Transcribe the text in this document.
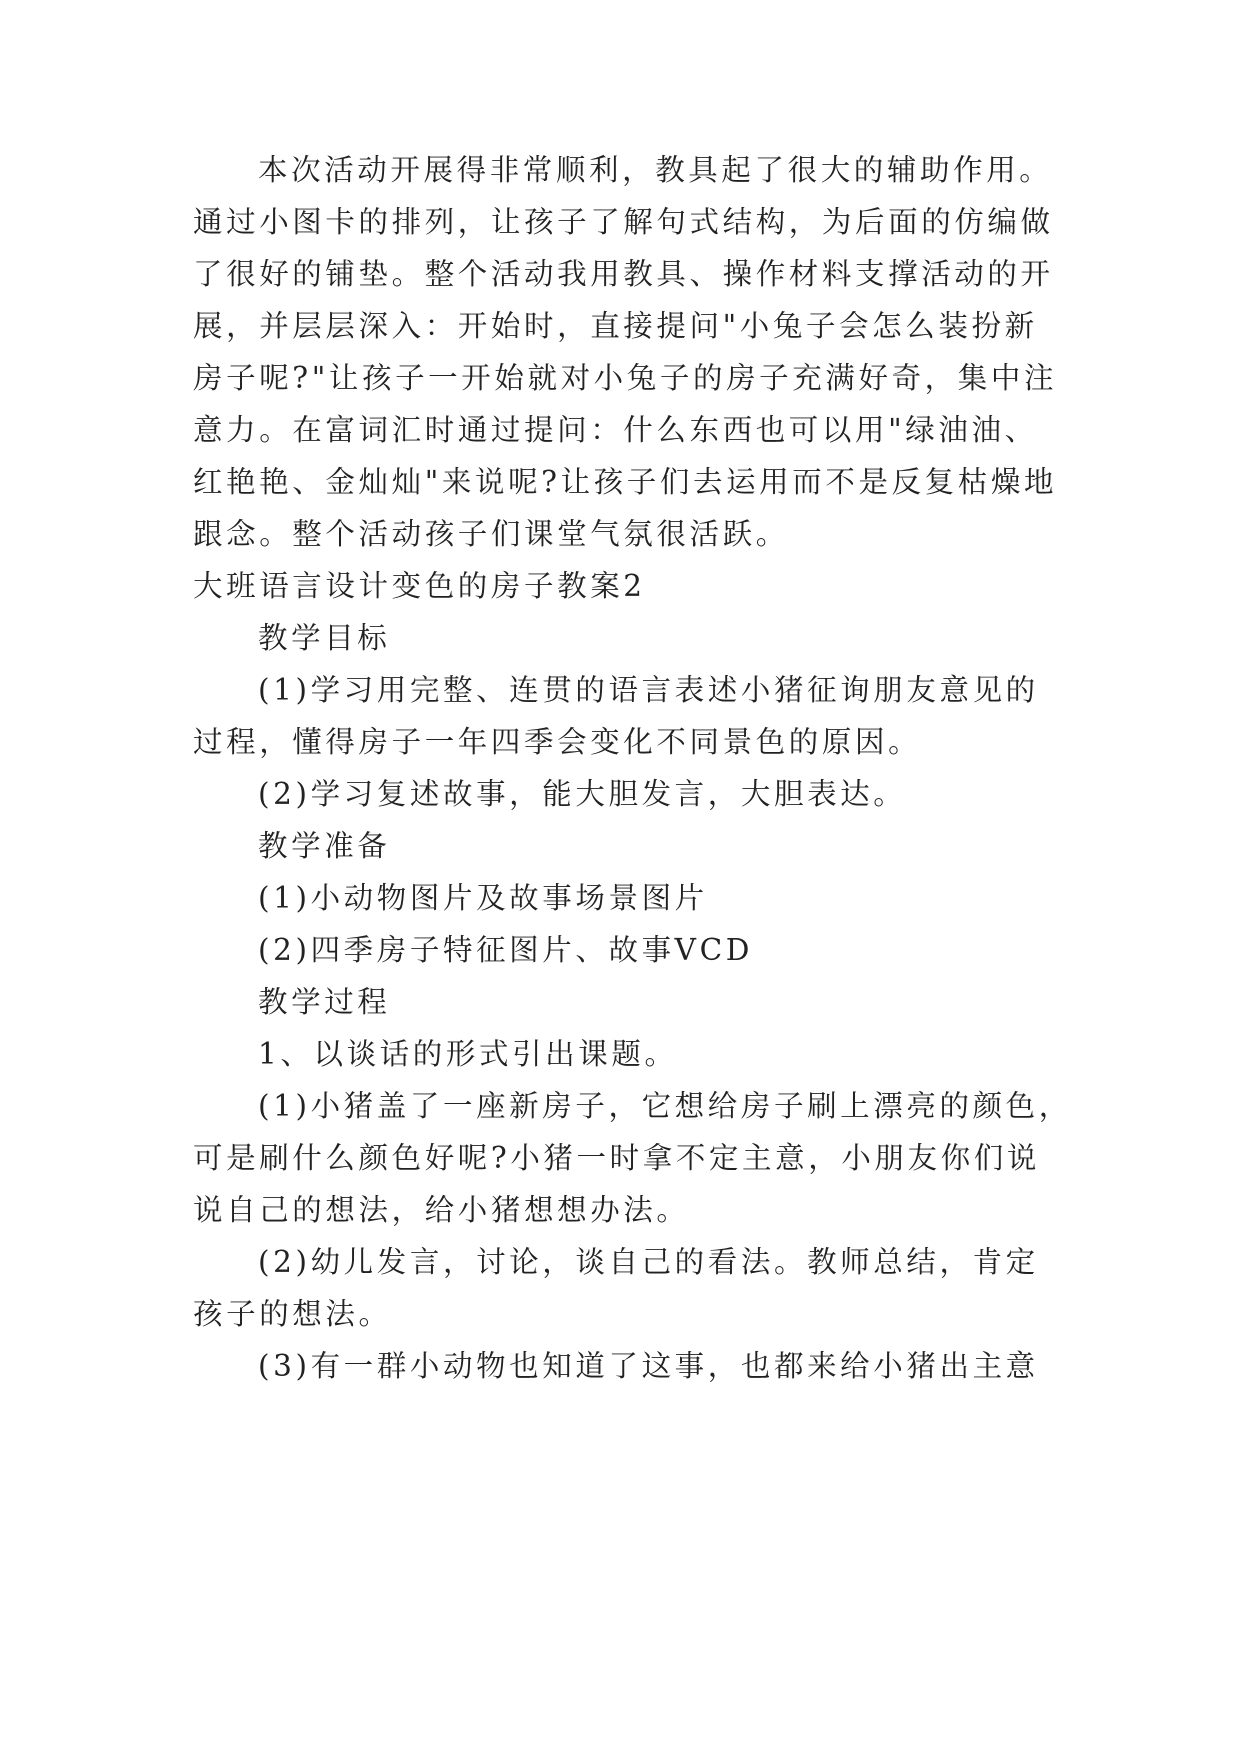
本次活动开展得非常顺利，教具起了很大的辅助作用。
通过小图卡的排列，让孩子了解句式结构，为后面的仿编做
了很好的铺垫。整个活动我用教具、操作材料支撑活动的开
展，并层层深入：开始时，直接提问"小兔子会怎么装扮新
房子呢?"让孩子一开始就对小兔子的房子充满好奇，集中注
意力。在富词汇时通过提问：什么东西也可以用"绿油油、
红艳艳、金灿灿"来说呢?让孩子们去运用而不是反复枯燥地
跟念。整个活动孩子们课堂气氛很活跃。
大班语言设计变色的房子教案2
教学目标
(1)学习用完整、连贯的语言表述小猪征询朋友意见的
过程，懂得房子一年四季会变化不同景色的原因。
(2)学习复述故事，能大胆发言，大胆表达。
教学准备
(1)小动物图片及故事场景图片
(2)四季房子特征图片、故事VCD
教学过程
1、以谈话的形式引出课题。
(1)小猪盖了一座新房子，它想给房子刷上漂亮的颜色，
可是刷什么颜色好呢?小猪一时拿不定主意，小朋友你们说
说自己的想法，给小猪想想办法。
(2)幼儿发言，讨论，谈自己的看法。教师总结，肯定
孩子的想法。
(3)有一群小动物也知道了这事，也都来给小猪出主意
